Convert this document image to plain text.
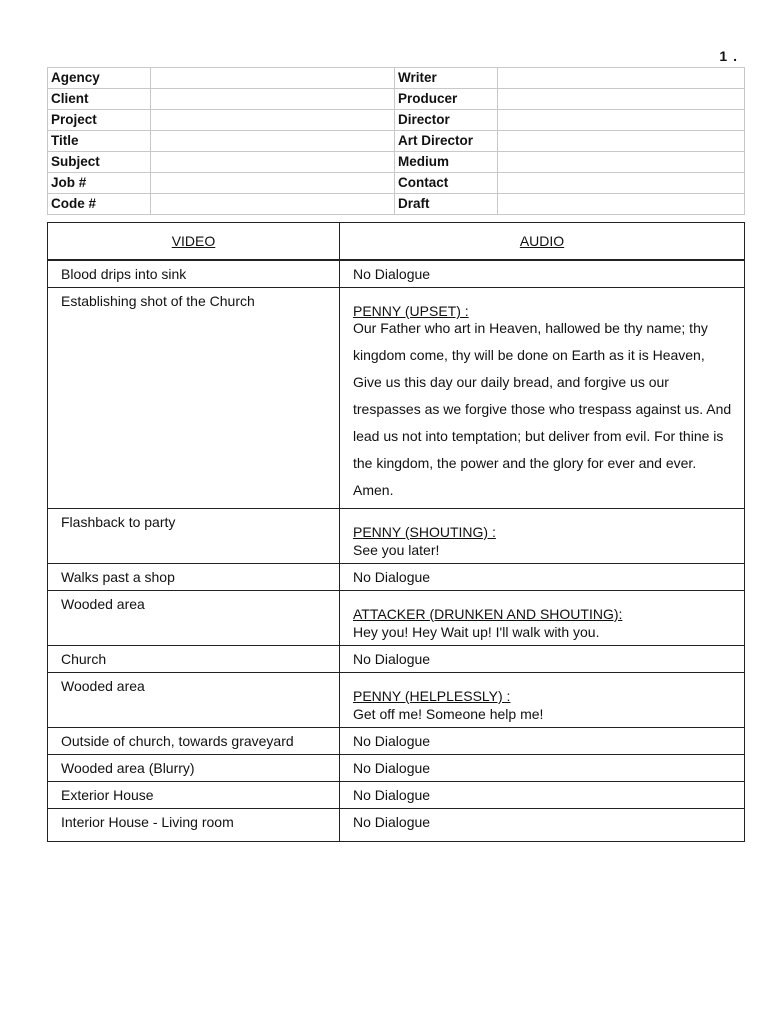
1 .
Agency		Writer	
Client		Producer	
Project		Director	
Title		Art Director	
Subject		Medium	
Job #		Contact	
Code #		Draft	
VIDEO	AUDIO
Blood drips into sink	No Dialogue
Establishing shot of the Church	PENNY (UPSET) :
Our Father who art in Heaven, hallowed be thy name; thy kingdom come, thy will be done on Earth as it is Heaven, Give us this day our daily bread, and forgive us our trespasses as we forgive those who trespass against us. And lead us not into temptation; but deliver from evil. For thine is the kingdom, the power and the glory for ever and ever. Amen.

Flashback to party	PENNY (SHOUTING) :
See you later!

Walks past a shop	No Dialogue
Wooded area	ATTACKER (DRUNKEN AND SHOUTING):
Hey you! Hey Wait up! I'll walk with you.

Church	No Dialogue
Wooded area	PENNY (HELPLESSLY) :
Get off me! Someone help me!

Outside of church, towards graveyard	No Dialogue
Wooded area (Blurry)	No Dialogue
Exterior House	No Dialogue
Interior House - Living room	No Dialogue
